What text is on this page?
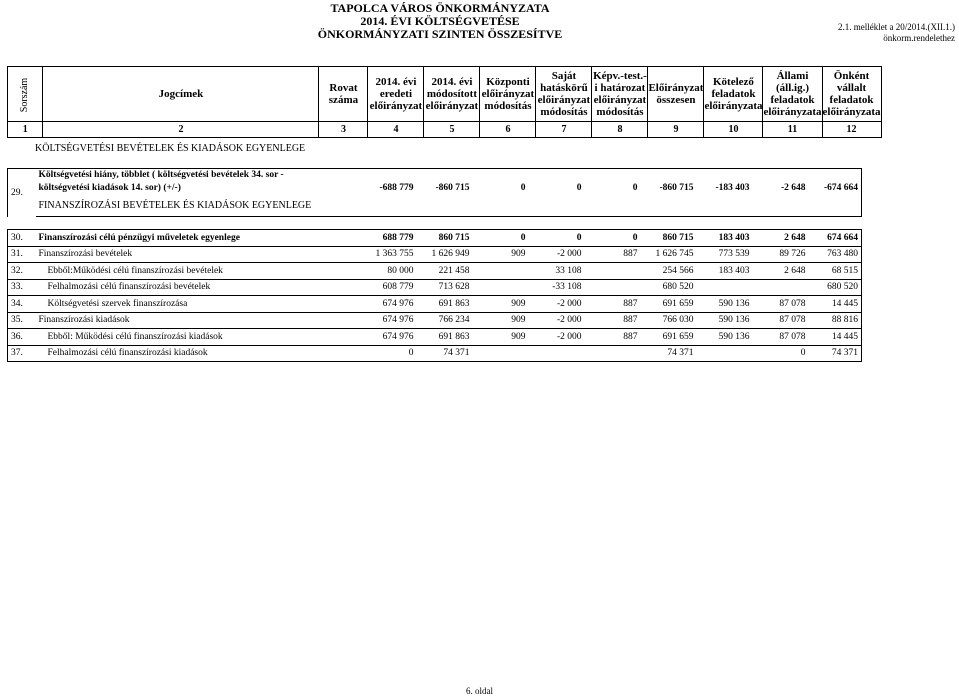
TAPOLCA VÁROS ÖNKORMÁNYZATA
2014. ÉVI KÖLTSÉGVETÉSE
ÖNKORMÁNYZATI SZINTEN ÖSSZESÍTVE	2.1. melléklet a 20/2014.(XII.1.)
önkorm.rendelethez
Sorszám	Jogcímek	Rovat száma	2014. évi eredeti előirányzat	2014. évi módosított előirányzat	Központi előirányzat módosítás	Saját hatáskörű előirányzat módosítás	Képv.-test.-i határozat előirányzat módosítás	Előirányzat összesen	Kötelező feladatok előirányzata	Állami (áll.ig.) feladatok előirányzata	Önként vállalt feladatok előirányzata
1	2	3	4	5	6	7	8	9	10	11	12
KÖLTSÉGVETÉSI BEVÉTELEK ÉS KIADÁSOK EGYENLEGE
29.	Költségvetési hiány, többlet ( költségvetési bevételek 34. sor -									
	költségvetési kiadások 14. sor) (+/-)	-688 779	-860 715	0	0	0	-860 715	-183 403	-2 648	-674 664
	FINANSZÍROZÁSI BEVÉTELEK ÉS KIADÁSOK EGYENLEGE									

30.	Finanszírozási célú pénzügyi műveletek egyenlege	688 779	860 715	0	0	0	860 715	183 403	2 648	674 664
31.	Finanszírozási bevételek	1 363 755	1 626 949	909	-2 000	887	1 626 745	773 539	89 726	763 480
32.	Ebből:Működési célú finanszírozási bevételek	80 000	221 458		33 108		254 566	183 403	2 648	68 515
33.	Felhalmozási célú finanszírozási bevételek	608 779	713 628		-33 108		680 520			680 520
34.	Költségvetési szervek finanszírozása	674 976	691 863	909	-2 000	887	691 659	590 136	87 078	14 445
35.	Finanszírozási kiadások	674 976	766 234	909	-2 000	887	766 030	590 136	87 078	88 816
36.	Ebből: Működési célú finanszírozási kiadások	674 976	691 863	909	-2 000	887	691 659	590 136	87 078	14 445
37.	Felhalmozási célú finanszírozási kiadások	0	74 371				74 371		0	74 371
6. oldal
